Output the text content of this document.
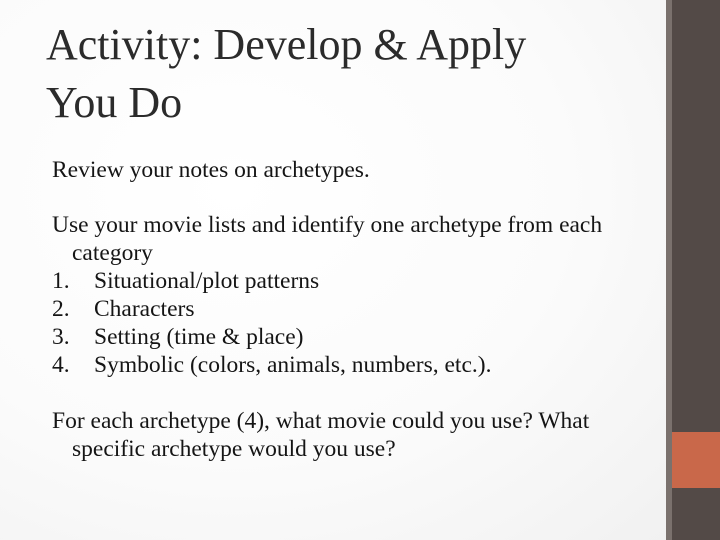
Activity: Develop & Apply
You Do

Review your notes on archetypes.

Use your movie lists and identify one archetype from each category

1. Situational/plot patterns
2. Characters
3. Setting (time & place)
4. Symbolic (colors, animals, numbers, etc.).

For each archetype (4), what movie could you use? What specific archetype would you use?
